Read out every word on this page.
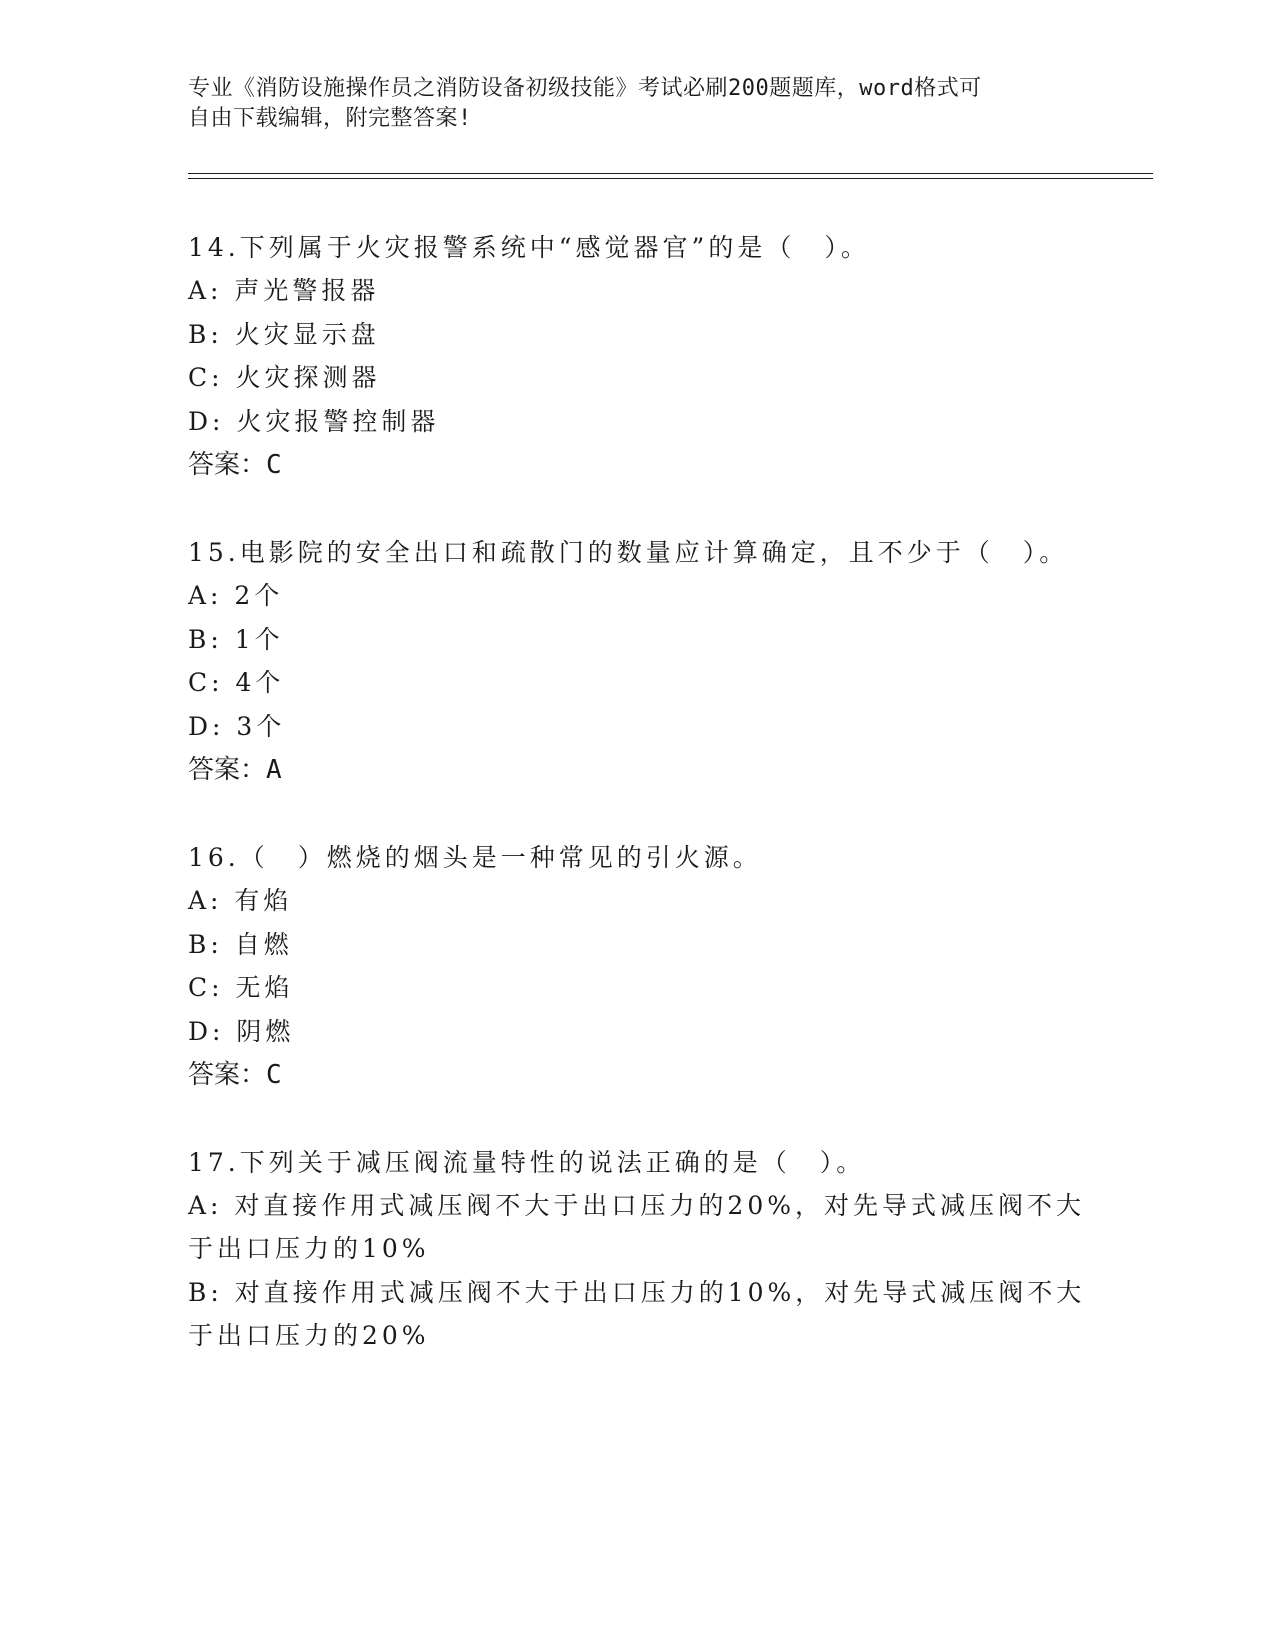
专业《消防设施操作员之消防设备初级技能》考试必刷200题题库，word格式可
自由下载编辑，附完整答案!
14.下列属于火灾报警系统中“感觉器官”的是（　）。
A: 声光警报器
B: 火灾显示盘
C: 火灾探测器
D: 火灾报警控制器
答案：C
15.电影院的安全出口和疏散门的数量应计算确定，且不少于（　）。
A: 2个
B: 1个
C: 4个
D: 3个
答案：A
16.（　）燃烧的烟头是一种常见的引火源。
A: 有焰
B: 自燃
C: 无焰
D: 阴燃
答案：C
17.下列关于减压阀流量特性的说法正确的是（　）。
A: 对直接作用式减压阀不大于出口压力的20%，对先导式减压阀不大
于出口压力的10%
B: 对直接作用式减压阀不大于出口压力的10%，对先导式减压阀不大
于出口压力的20%
